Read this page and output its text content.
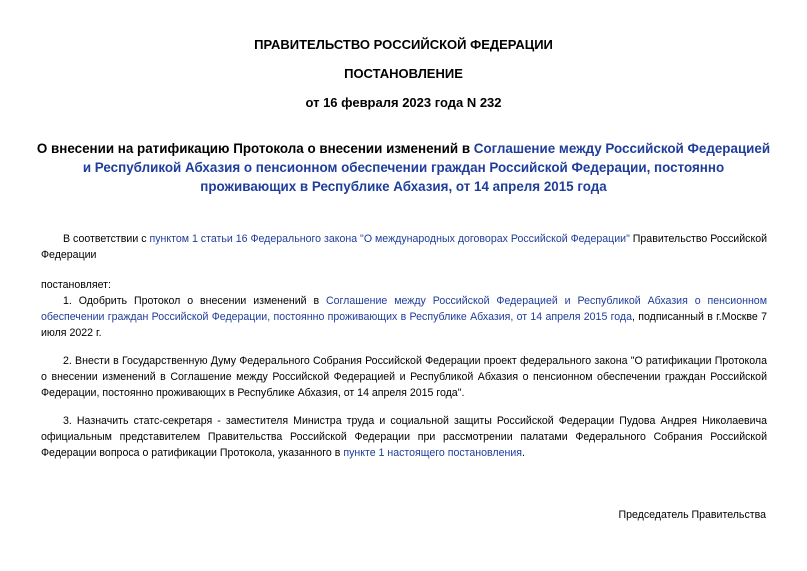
ПРАВИТЕЛЬСТВО РОССИЙСКОЙ ФЕДЕРАЦИИ
ПОСТАНОВЛЕНИЕ
от 16 февраля 2023 года N 232
О внесении на ратификацию Протокола о внесении изменений в Соглашение между Российской Федерацией и Республикой Абхазия о пенсионном обеспечении граждан Российской Федерации, постоянно проживающих в Республике Абхазия, от 14 апреля 2015 года
В соответствии с пунктом 1 статьи 16 Федерального закона "О международных договорах Российской Федерации" Правительство Российской Федерации
постановляет:
1. Одобрить Протокол о внесении изменений в Соглашение между Российской Федерацией и Республикой Абхазия о пенсионном обеспечении граждан Российской Федерации, постоянно проживающих в Республике Абхазия, от 14 апреля 2015 года, подписанный в г.Москве 7 июля 2022 г.
2. Внести в Государственную Думу Федерального Собрания Российской Федерации проект федерального закона "О ратификации Протокола о внесении изменений в Соглашение между Российской Федерацией и Республикой Абхазия о пенсионном обеспечении граждан Российской Федерации, постоянно проживающих в Республике Абхазия, от 14 апреля 2015 года".
3. Назначить статс-секретаря - заместителя Министра труда и социальной защиты Российской Федерации Пудова Андрея Николаевича официальным представителем Правительства Российской Федерации при рассмотрении палатами Федерального Собрания Российской Федерации вопроса о ратификации Протокола, указанного в пункте 1 настоящего постановления.
Председатель Правительства
